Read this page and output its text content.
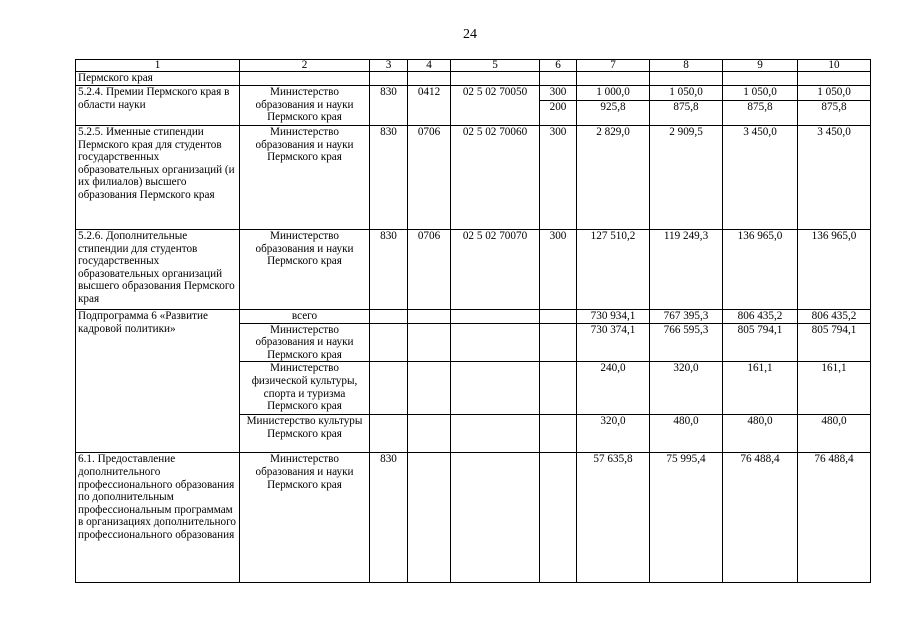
24
1	2	3	4	5	6	7	8	9	10
Пермского края									
5.2.4. Премии Пермского края в области науки	Министерство образования и науки Пермского края	830	0412	02 5 02 70050	300	1 000,0	1 050,0	1 050,0	1 050,0
					200	925,8	875,8	875,8	875,8
5.2.5. Именные стипендии Пермского края для студентов государственных образовательных организаций (и их филиалов) высшего образования Пермского края	Министерство образования и науки Пермского края	830	0706	02 5 02 70060	300	2 829,0	2 909,5	3 450,0	3 450,0
5.2.6. Дополнительные стипендии для студентов государственных образовательных организаций высшего образования Пермского края	Министерство образования и науки Пермского края	830	0706	02 5 02 70070	300	127 510,2	119 249,3	136 965,0	136 965,0
Подпрограмма 6 «Развитие кадровой политики»	всего					730 934,1	767 395,3	806 435,2	806 435,2
	Министерство образования и науки Пермского края					730 374,1	766 595,3	805 794,1	805 794,1
	Министерство физической культуры, спорта и туризма Пермского края					240,0	320,0	161,1	161,1
	Министерство культуры Пермского края					320,0	480,0	480,0	480,0
6.1. Предоставление дополнительного профессионального образования по дополнительным профессиональным программам в организациях дополнительного профессионального образования	Министерство образования и науки Пермского края	830				57 635,8	75 995,4	76 488,4	76 488,4
